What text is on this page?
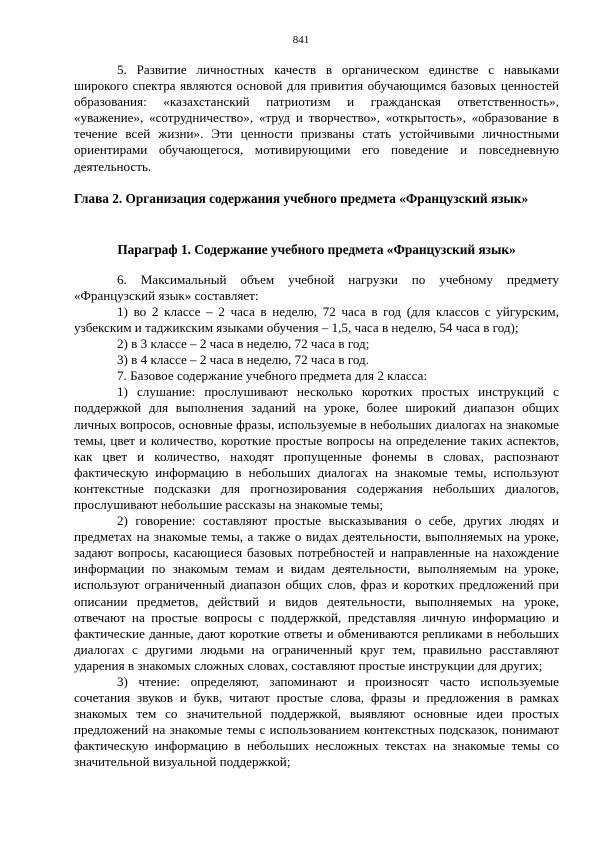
841

5. Развитие личностных качеств в органическом единстве с навыками широкого спектра являются основой для привития обучающимся базовых ценностей образования: «казахстанский патриотизм и гражданская ответственность», «уважение», «сотрудничество», «труд и творчество», «открытость», «образование в течение всей жизни». Эти ценности призваны стать устойчивыми личностными ориентирами обучающегося, мотивирующими его поведение и повседневную деятельность.

Глава 2. Организация содержания учебного предмета «Французский язык»

Параграф 1. Содержание учебного предмета «Французский язык»

6. Максимальный объем учебной нагрузки по учебному предмету «Французский язык» составляет:

1) во 2 классе – 2 часа в неделю, 72 часа в год (для классов с уйгурским, узбекским и таджикским языками обучения – 1,5, часа в неделю, 54 часа в год);

2) в 3 классе – 2 часа в неделю, 72 часа в год;

3) в 4 классе – 2 часа в неделю, 72 часа в год.

7. Базовое содержание учебного предмета для 2 класса:

1) слушание: прослушивают несколько коротких простых инструкций с поддержкой для выполнения заданий на уроке, более широкий диапазон общих личных вопросов, основные фразы, используемые в небольших диалогах на знакомые темы, цвет и количество, короткие простые вопросы на определение таких аспектов, как цвет и количество, находят пропущенные фонемы в словах, распознают фактическую информацию в небольших диалогах на знакомые темы, используют контекстные подсказки для прогнозирования содержания небольших диалогов, прослушивают небольшие рассказы на знакомые темы;

2) говорение: составляют простые высказывания о себе, других людях и предметах на знакомые темы, а также о видах деятельности, выполняемых на уроке, задают вопросы, касающиеся базовых потребностей и направленные на нахождение информации по знакомым темам и видам деятельности, выполняемым на уроке, используют ограниченный диапазон общих слов, фраз и коротких предложений при описании предметов, действий и видов деятельности, выполняемых на уроке, отвечают на простые вопросы с поддержкой, представляя личную информацию и фактические данные, дают короткие ответы и обмениваются репликами в небольших диалогах с другими людьми на ограниченный круг тем, правильно расставляют ударения в знакомых сложных словах, составляют простые инструкции для других;

3) чтение: определяют, запоминают и произносят часто используемые сочетания звуков и букв, читают простые слова, фразы и предложения в рамках знакомых тем со значительной поддержкой, выявляют основные идеи простых предложений на знакомые темы с использованием контекстных подсказок, понимают фактическую информацию в небольших несложных текстах на знакомые темы со значительной визуальной поддержкой;
